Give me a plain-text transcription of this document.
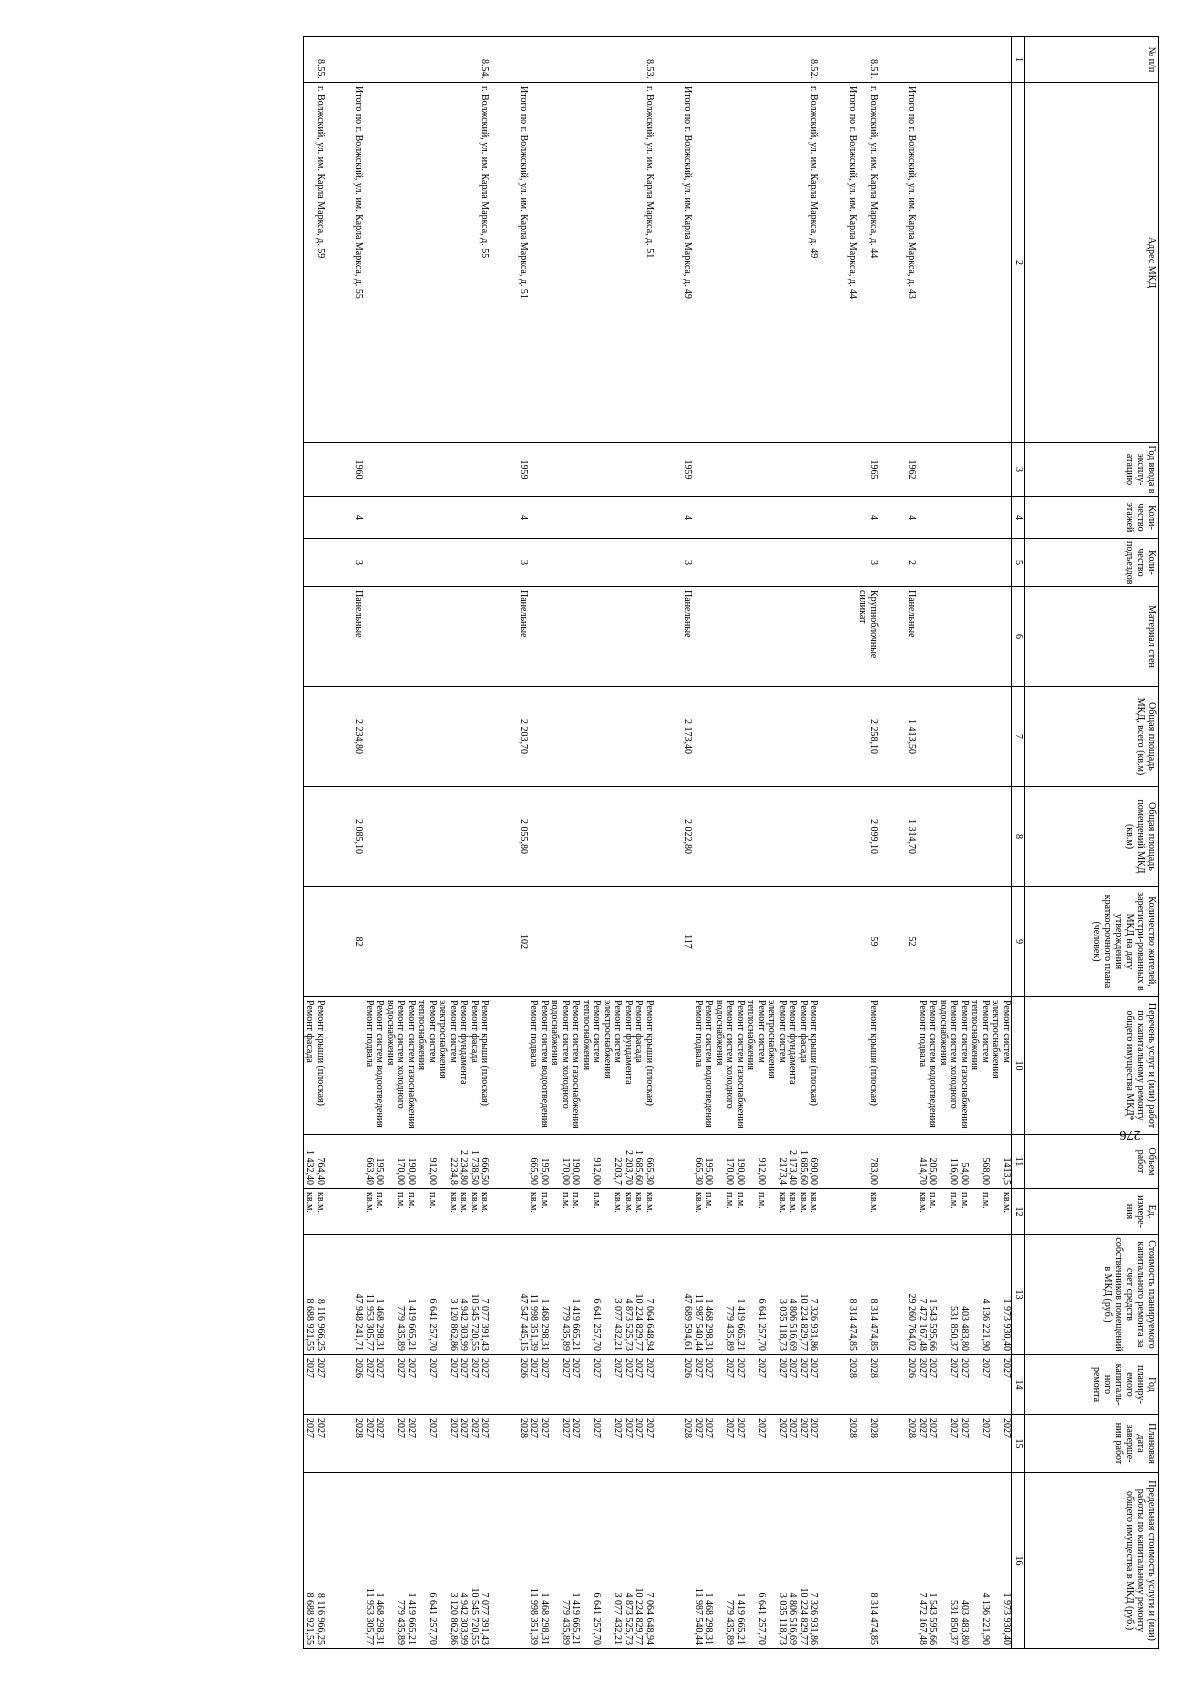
276
№ п/п	Адрес МКД	Год ввода в эксплу-атацию	Коли-чество этажей	Коли-чество подъездов	Материал стен	Общая площадь МКД, всего (кв.м)	Общая площадь помещений МКД (кв.м)	Количество жителей, зарегистри-рованных в МКД на дату утверждения краткосрочного плана (человек)	Перечень услуг и (или) работ по капитальному ремонту общего имущества МКД*	Объем работ	Ед. измере-ния	Стоимость планируемого капитального ремонта за счет средств собственников помещений в МКД (руб.)	Год планиру-емого капиталь-ного ремонта	Плановая дата заверше-ния работ	Предельная стоимость услуги и (или) работы по капитальному ремонту общего имущества в МКД (руб.)
1	2	3	4	5	6	7	8	9	10	11	12	13	14	15	16
									Ремонт систем электроснабжения	1413,5	кв.м.	1 973 930,40	2027	2027	1 973 930,40
									Ремонт систем теплоснабжения	568,00	п.м.	4 136 221,90	2027	2027	4 136 221,90
									Ремонт систем газоснабжения	54,00	п.м.	403 483,80	2027	2027	403 483,80
									Ремонт систем холодного водоснабжения	116,00	п.м.	531 850,37	2027	2027	531 850,37
									Ремонт систем водоотведения	205,00	п.м.	1 543 595,66	2027	2027	1 543 595,66
									Ремонт подвала	414,70	кв.м.	7 472 167,48	2027	2027	7 472 167,48
	Итого по г. Волжский, ул. им. Карла Маркса, д. 43	1962	4	2	Панельные	1 413,50	1 314,70	52				29 260 764,02	2026	2028	

8.51.	г. Волжский, ул. им. Карла Маркса, д. 44	1965	4	3	Крупноблочные силикат	2 258,10	2 099,10	59	Ремонт крыши (плоская)	783,00	кв.м.	8 314 474,85	2028	2028	8 314 474,85
	Итого по г. Волжский, ул. им. Карла Маркса, д. 44											8 314 474,85	2028	2028	

8.52.	г. Волжский, ул. им. Карла Маркса, д. 49								Ремонт крыши (плоская)	690,00	кв.м.	7 326 931,86	2027	2027	7 326 931,86
									Ремонт фасада	1 685,60	кв.м.	10 224 829,77	2027	2027	10 224 829,77
									Ремонт фундамента	2 173,40	кв.м.	4 806 516,69	2027	2027	4 806 516,69
									Ремонт систем электроснабжения	2173,4	кв.м.	3 035 118,73	2027	2027	3 035 118,73
									Ремонт систем теплоснабжения	912,00	п.м.	6 641 257,70	2027	2027	6 641 257,70
									Ремонт систем газоснабжения	190,00	п.м.	1 419 665,21	2027	2027	1 419 665,21
									Ремонт систем холодного водоснабжения	170,00	п.м.	779 435,89	2027	2027	779 435,89
									Ремонт систем водоотведения	195,00	п.м.	1 468 298,31	2027	2027	1 468 298,31
									Ремонт подвала	665,30	кв.м.	11 987 540,44	2027	2027	11 987 540,44
	Итого по г. Волжский, ул. им. Карла Маркса, д. 49	1959	4	3	Панельные	2 173,40	2 022,80	117				47 689 594,61	2026	2028	

8.53.	г. Волжский, ул. им. Карла Маркса, д. 51								Ремонт крыши (плоская)	665,30	кв.м.	7 064 648,94	2027	2027	7 064 648,94
									Ремонт фасада	1 685,60	кв.м.	10 224 829,77	2027	2027	10 224 829,77
									Ремонт фундамента	2 203,70	кв.м.	4 873 525,73	2027	2027	4 873 525,73
									Ремонт систем электроснабжения	2203,7	кв.м.	3 077 432,21	2027	2027	3 077 432,21
									Ремонт систем теплоснабжения	912,00	п.м.	6 641 257,70	2027	2027	6 641 257,70
									Ремонт систем газоснабжения	190,00	п.м.	1 419 665,21	2027	2027	1 419 665,21
									Ремонт систем холодного водоснабжения	170,00	п.м.	779 435,89	2027	2027	779 435,89
									Ремонт систем водоотведения	195,00	п.м.	1 468 298,31	2027	2027	1 468 298,31
									Ремонт подвала	665,90	кв.м.	11 998 351,39	2027	2027	11 998 351,39
	Итого по г. Волжский, ул. им. Карла Маркса, д. 51	1959	4	3	Панельные	2 203,70	2 055,80	102				47 547 445,15	2026	2028	

8.54.	г. Волжский, ул. им. Карла Маркса, д. 55								Ремонт крыши (плоская)	666,50	кв.м.	7 077 391,43	2027	2027	7 077 391,43
									Ремонт фасада	1 738,50	кв.м.	10 545 720,55	2027	2027	10 545 720,55
									Ремонт фундамента	2 234,80	кв.м.	4 942 303,99	2027	2027	4 942 303,99
									Ремонт систем электроснабжения	2234,8	кв.м.	3 120 862,86	2027	2027	3 120 862,86
									Ремонт систем теплоснабжения	912,00	п.м.	6 641 257,70	2027	2027	6 641 257,70
									Ремонт систем газоснабжения	190,00	п.м.	1 419 665,21	2027	2027	1 419 665,21
									Ремонт систем холодного водоснабжения	170,00	п.м.	779 435,89	2027	2027	779 435,89
									Ремонт систем водоотведения	195,00	п.м.	1 468 298,31	2027	2027	1 468 298,31
									Ремонт подвала	663,40	кв.м.	11 953 305,77	2027	2027	11 953 305,77
	Итого по г. Волжский, ул. им. Карла Маркса, д. 55	1960	4	3	Панельные	2 234,80	2 085,10	82				47 948 241,71	2026	2028	

8.55.	г. Волжский, ул. им. Карла Маркса, д. 59								Ремонт крыши (плоская)	764,40	кв.м.	8 116 966,25	2027	2027	8 116 966,25
									Ремонт фасада	1 432,40	кв.м.	8 688 921,55	2027	2027	8 688 921,55
